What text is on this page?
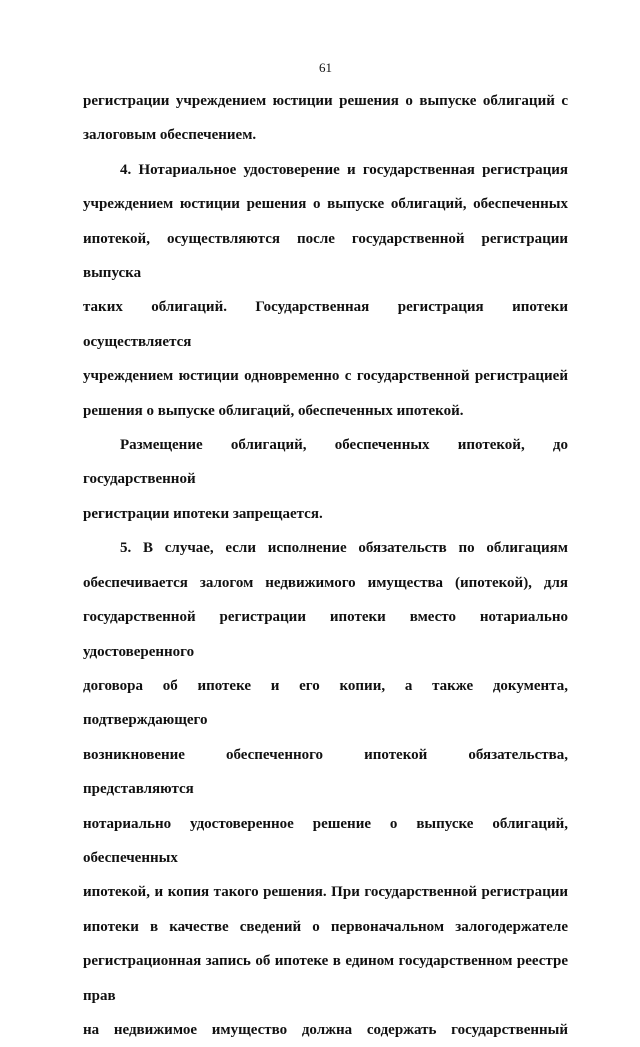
61
регистрации учреждением юстиции решения о выпуске облигаций с
залоговым обеспечением.
4. Нотариальное удостоверение и государственная регистрация
учреждением юстиции решения о выпуске облигаций, обеспеченных
ипотекой, осуществляются после государственной регистрации выпуска
таких облигаций. Государственная регистрация ипотеки осуществляется
учреждением юстиции одновременно с государственной регистрацией
решения о выпуске облигаций, обеспеченных ипотекой.
Размещение облигаций, обеспеченных ипотекой, до государственной
регистрации ипотеки запрещается.
5. В случае, если исполнение обязательств по облигациям
обеспечивается залогом недвижимого имущества (ипотекой), для
государственной регистрации ипотеки вместо нотариально удостоверенного
договора об ипотеке и его копии, а также документа, подтверждающего
возникновение обеспеченного ипотекой обязательства, представляются
нотариально удостоверенное решение о выпуске облигаций, обеспеченных
ипотекой, и копия такого решения. При государственной регистрации
ипотеки в качестве сведений о первоначальном залогодержателе
регистрационная запись об ипотеке в едином государственном реестре прав
на недвижимое имущество должна содержать государственный
